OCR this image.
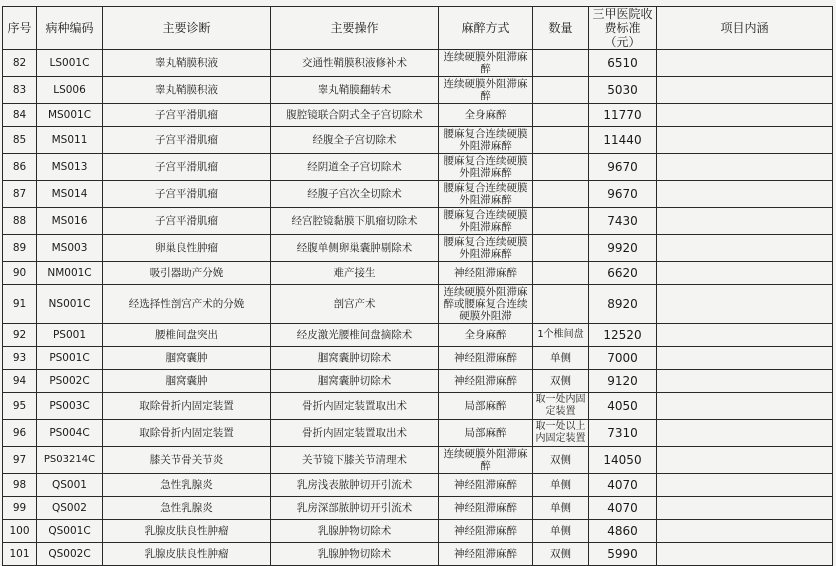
序号	病种编码	主要诊断	主要操作	麻醉方式	数量	三甲医院收费标准（元）	项目内涵
82	LS001C	睾丸鞘膜积液	交通性鞘膜积液修补术	连续硬膜外阻滞麻醉		6510	
83	LS006	睾丸鞘膜积液	睾丸鞘膜翻转术	连续硬膜外阻滞麻醉		5030	
84	MS001C	子宫平滑肌瘤	腹腔镜联合阴式全子宫切除术	全身麻醉		11770	
85	MS011	子宫平滑肌瘤	经腹全子宫切除术	腰麻复合连续硬膜外阻滞麻醉		11440	
86	MS013	子宫平滑肌瘤	经阴道全子宫切除术	腰麻复合连续硬膜外阻滞麻醉		9670	
87	MS014	子宫平滑肌瘤	经腹子宫次全切除术	腰麻复合连续硬膜外阻滞麻醉		9670	
88	MS016	子宫平滑肌瘤	经宫腔镜黏膜下肌瘤切除术	腰麻复合连续硬膜外阻滞麻醉		7430	
89	MS003	卵巢良性肿瘤	经腹单侧卵巢囊肿剔除术	腰麻复合连续硬膜外阻滞麻醉		9920	
90	NM001C	吸引器助产分娩	难产接生	神经阻滞麻醉		6620	
91	NS001C	经选择性剖宫产术的分娩	剖宫产术	连续硬膜外阻滞麻醉或腰麻复合连续硬膜外阻滞		8920	
92	PS001	腰椎间盘突出	经皮激光腰椎间盘摘除术	全身麻醉	1个椎间盘	12520	
93	PS001C	腘窝囊肿	腘窝囊肿切除术	神经阻滞麻醉	单侧	7000	
94	PS002C	腘窝囊肿	腘窝囊肿切除术	神经阻滞麻醉	双侧	9120	
95	PS003C	取除骨折内固定装置	骨折内固定装置取出术	局部麻醉	取一处内固定装置	4050	
96	PS004C	取除骨折内固定装置	骨折内固定装置取出术	局部麻醉	取一处以上内固定装置	7310	
97	PS03214C	膝关节骨关节炎	关节镜下膝关节清理术	连续硬膜外阻滞麻醉	双侧	14050	
98	QS001	急性乳腺炎	乳房浅表脓肿切开引流术	神经阻滞麻醉	单侧	4070	
99	QS002	急性乳腺炎	乳房深部脓肿切开引流术	神经阻滞麻醉	单侧	4070	
100	QS001C	乳腺皮肤良性肿瘤	乳腺肿物切除术	神经阻滞麻醉	单侧	4860	
101	QS002C	乳腺皮肤良性肿瘤	乳腺肿物切除术	神经阻滞麻醉	双侧	5990	
